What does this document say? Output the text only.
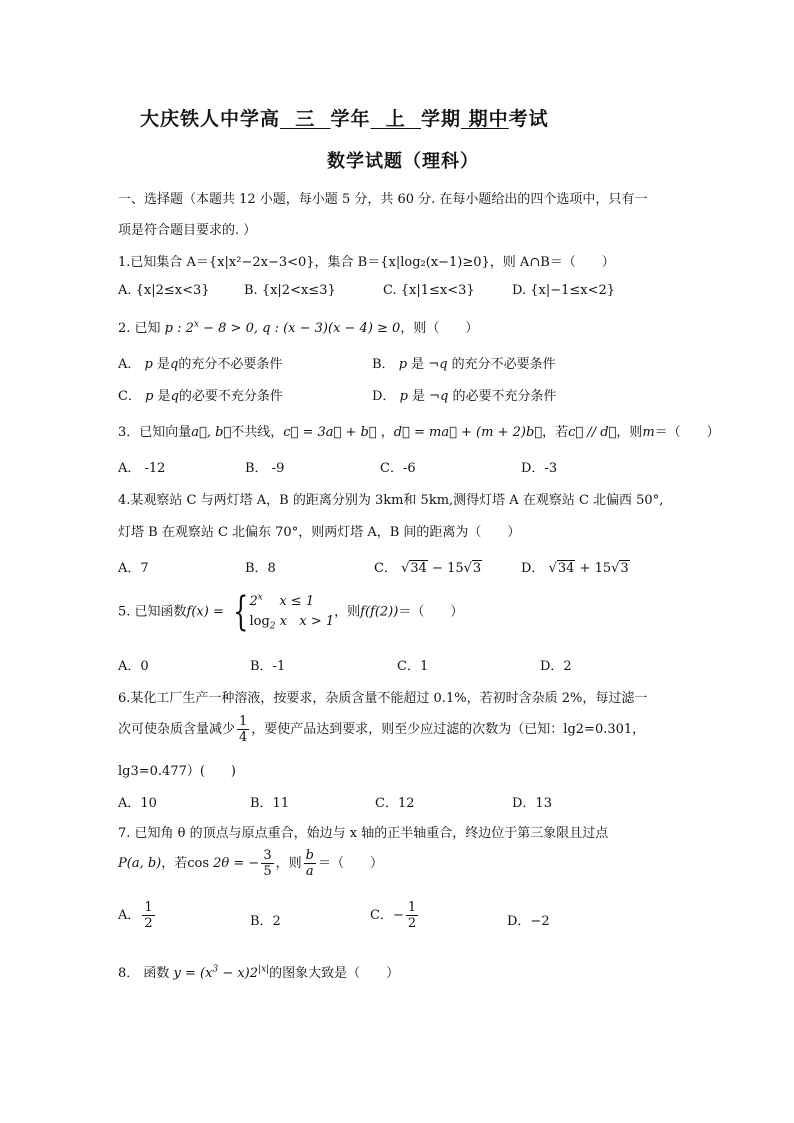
大庆铁人中学高 三 学年 上 学期 期中考试
数学试题（理科）
一、选择题（本题共 12 小题，每小题 5 分，共 60 分. 在每小题给出的四个选项中，只有一
项是符合题目要求的. ）
1.已知集合 A＝{x|x²−2x−3<0}，集合 B＝{x|log₂(x−1)≥0}，则 A∩B＝（　　）
A. {x|2≤x<3}	B. {x|2<x≤3}	C. {x|1≤x<3}	D. {x|−1≤x<2}
2. 已知 p : $2^x - 8 > 0$, q : (x − 3)(x − 4) ≥ 0，则（　　）
A． p 是q的充分不必要条件	B． p 是 ¬q 的充分不必要条件
C． p 是q的必要不充分条件	D． p 是 ¬q 的必要不充分条件
3．已知向量a⃗, b⃗不共线，c⃗ = 3a⃗ + b⃗ ，d⃗ = ma⃗ + (m + 2)b⃗，若c⃗ // d⃗，则m＝（　　）
A． -12	B． -9	C．-6	D．-3
4.某观察站 C 与两灯塔 A，B 的距离分别为 3km和 5km,测得灯塔 A 在观察站 C 北偏西 50°,
灯塔 B 在观察站 C 北偏东 70°，则两灯塔 A，B 间的距离为（　　）
A．7	B．8	C． √34 − 15√3	D． √34 + 15√3
5. 已知函数f(x) = { 2$^x$    x ≤ 1
$\log_2 x$   x > 1
，则f(f(2))＝（　　）
A．0	B．-1	C．1	D．2
6.某化工厂生产一种溶液，按要求，杂质含量不能超过 0.1%，若初时含杂质 2%，每过滤一
次可使杂质含量减少 $\frac{1}{4}$ ，要使产品达到要求，则至少应过滤的次数为（已知：lg2=0.301，
lg3=0.477）(　　)
A．10	B．11	C．12	D．13
7. 已知角 θ 的顶点与原点重合，始边与 x 轴的正半轴重合，终边位于第三象限且过点
P(a, b)，若cos 2θ = − $\frac{3}{5}$ ，则 $\frac{b}{a}$ ＝（　　）
A． $\frac{1}{2}$	B．2	C．− $\frac{1}{2}$	D．−2
8． 函数 $y = (x^3 - x)2^{|x|}$的图象大致是（　　）
